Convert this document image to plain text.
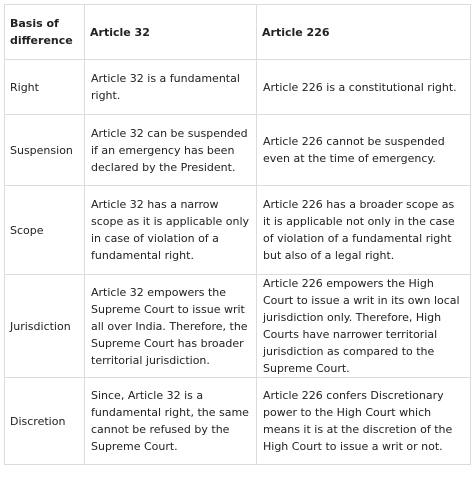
Basis of difference	Article 32	Article 226
Right	Article 32 is a fundamental right.	Article 226 is a constitutional right.
Suspension	Article 32 can be suspended if an emergency has been declared by the President.	Article 226 cannot be suspended even at the time of emergency.
Scope	Article 32 has a narrow scope as it is applicable only in case of violation of a fundamental right.	Article 226 has a broader scope as it is applicable not only in the case of violation of a fundamental right but also of a legal right.
Jurisdiction	Article 32 empowers the Supreme Court to issue writ all over India. Therefore, the Supreme Court has broader territorial jurisdiction.	Article 226 empowers the High Court to issue a writ in its own local jurisdiction only. Therefore, High Courts have narrower territorial jurisdiction as compared to the Supreme Court.
Discretion	Since, Article 32 is a fundamental right, the same cannot be refused by the Supreme Court.	Article 226 confers Discretionary power to the High Court which means it is at the discretion of the High Court to issue a writ or not.
